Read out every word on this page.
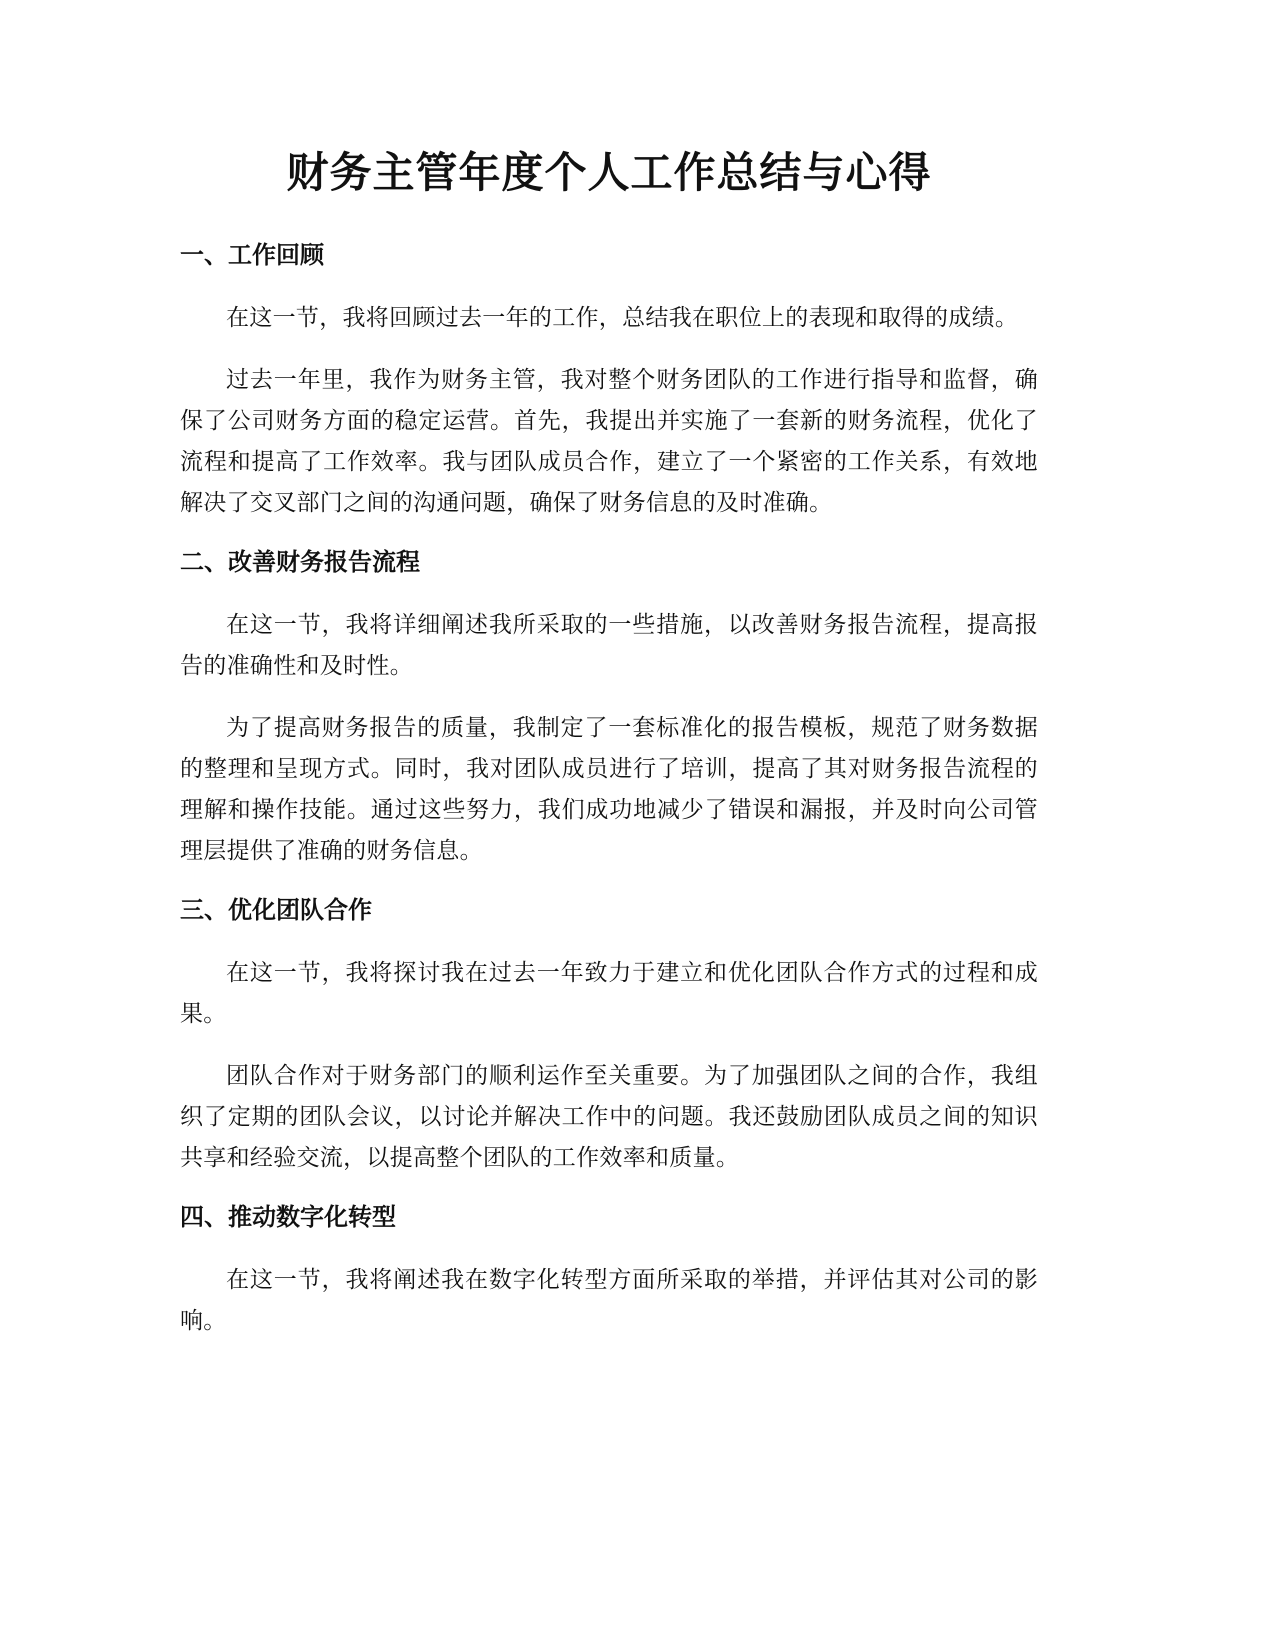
财务主管年度个人工作总结与心得
一、工作回顾

在这一节，我将回顾过去一年的工作，总结我在职位上的表现和取得的成绩。

过去一年里，我作为财务主管，我对整个财务团队的工作进行指导和监督，确保了公司财务方面的稳定运营。首先，我提出并实施了一套新的财务流程，优化了流程和提高了工作效率。我与团队成员合作，建立了一个紧密的工作关系，有效地解决了交叉部门之间的沟通问题，确保了财务信息的及时准确。

二、改善财务报告流程

在这一节，我将详细阐述我所采取的一些措施，以改善财务报告流程，提高报告的准确性和及时性。

为了提高财务报告的质量，我制定了一套标准化的报告模板，规范了财务数据的整理和呈现方式。同时，我对团队成员进行了培训，提高了其对财务报告流程的理解和操作技能。通过这些努力，我们成功地减少了错误和漏报，并及时向公司管理层提供了准确的财务信息。

三、优化团队合作

在这一节，我将探讨我在过去一年致力于建立和优化团队合作方式的过程和成果。

团队合作对于财务部门的顺利运作至关重要。为了加强团队之间的合作，我组织了定期的团队会议，以讨论并解决工作中的问题。我还鼓励团队成员之间的知识共享和经验交流，以提高整个团队的工作效率和质量。

四、推动数字化转型

在这一节，我将阐述我在数字化转型方面所采取的举措，并评估其对公司的影响。
